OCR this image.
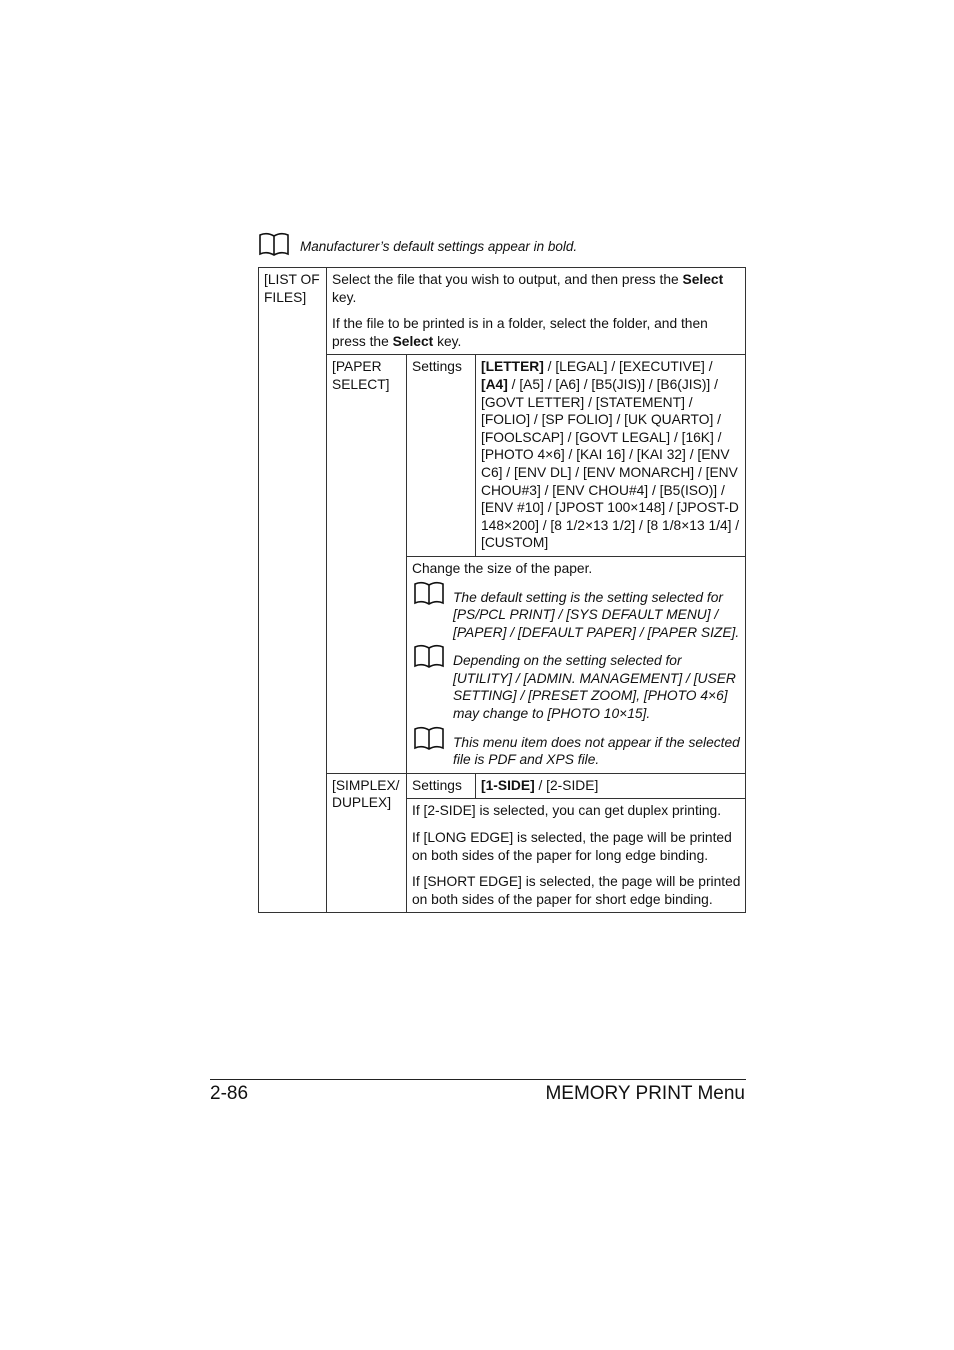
Manufacturer’s default settings appear in bold.
[LIST OF FILES]	Select the file that you wish to output, and then press the Select key.

If the file to be printed is in a folder, select the folder, and then press the Select key.		

	[PAPER SELECT]	Settings	[LETTER] / [LEGAL] / [EXECUTIVE] / [A4] / [A5] / [A6] / [B5(JIS)] / [B6(JIS)] / [GOVT LETTER] / [STATEMENT] / [FOLIO] / [SP FOLIO] / [UK QUARTO] / [FOOLSCAP] / [GOVT LEGAL] / [16K] / [PHOTO 4×6] / [KAI 16] / [KAI 32] / [ENV C6] / [ENV DL] / [ENV MONARCH] / [ENV CHOU#3] / [ENV CHOU#4] / [B5(ISO)] / [ENV #10] / [JPOST 100×148] / [JPOST-D 148×200] / [8 1/2×13 1/2] / [8 1/8×13 1/4] / [CUSTOM]

		Change the size of the paper.

The default setting is the setting selected for [PS/PCL PRINT] / [SYS DEFAULT MENU] / [PAPER] / [DEFAULT PAPER] / [PAPER SIZE].
Depending on the setting selected for [UTILITY] / [ADMIN. MANAGEMENT] / [USER SETTING] / [PRESET ZOOM], [PHOTO 4×6] may change to [PHOTO 10×15].
This menu item does not appear if the selected file is PDF and XPS file.	

	[SIMPLEX/ DUPLEX]	Settings	[1-SIDE] / [2-SIDE]

		If [2-SIDE] is selected, you can get duplex printing.

If [LONG EDGE] is selected, the page will be printed on both sides of the paper for long edge binding.

If [SHORT EDGE] is selected, the page will be printed on both sides of the paper for short edge binding.	

2-86	MEMORY PRINT Menu
